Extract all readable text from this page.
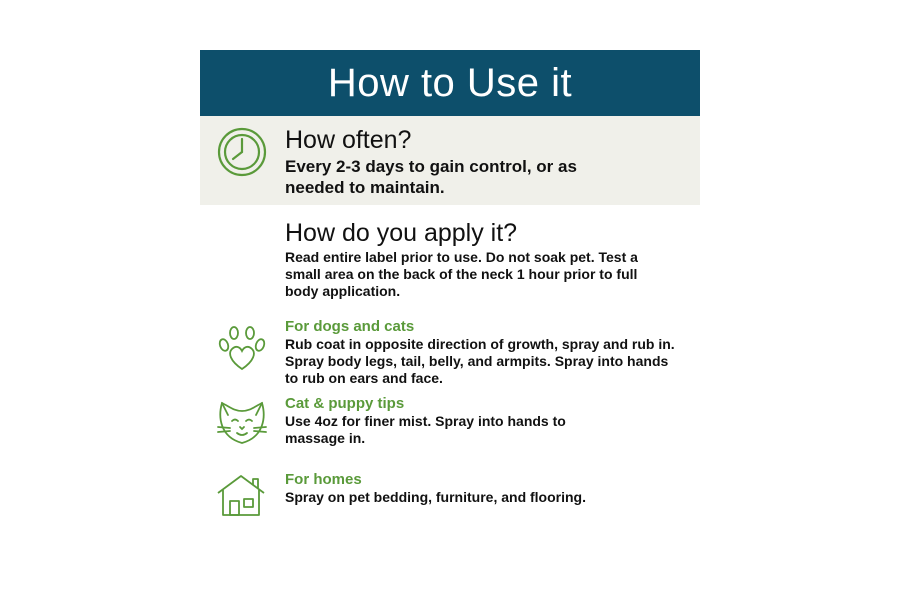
How to Use it
How often?
Every 2-3 days to gain control, or as needed to maintain.
How do you apply it?
Read entire label prior to use. Do not soak pet. Test a small area on the back of the neck 1 hour prior to full body application.
For dogs and cats
Rub coat in opposite direction of growth, spray and rub in. Spray body legs, tail, belly, and armpits. Spray into hands to rub on ears and face.
Cat & puppy tips
Use 4oz for finer mist. Spray into hands to massage in.
For homes
Spray on pet bedding, furniture, and flooring.
